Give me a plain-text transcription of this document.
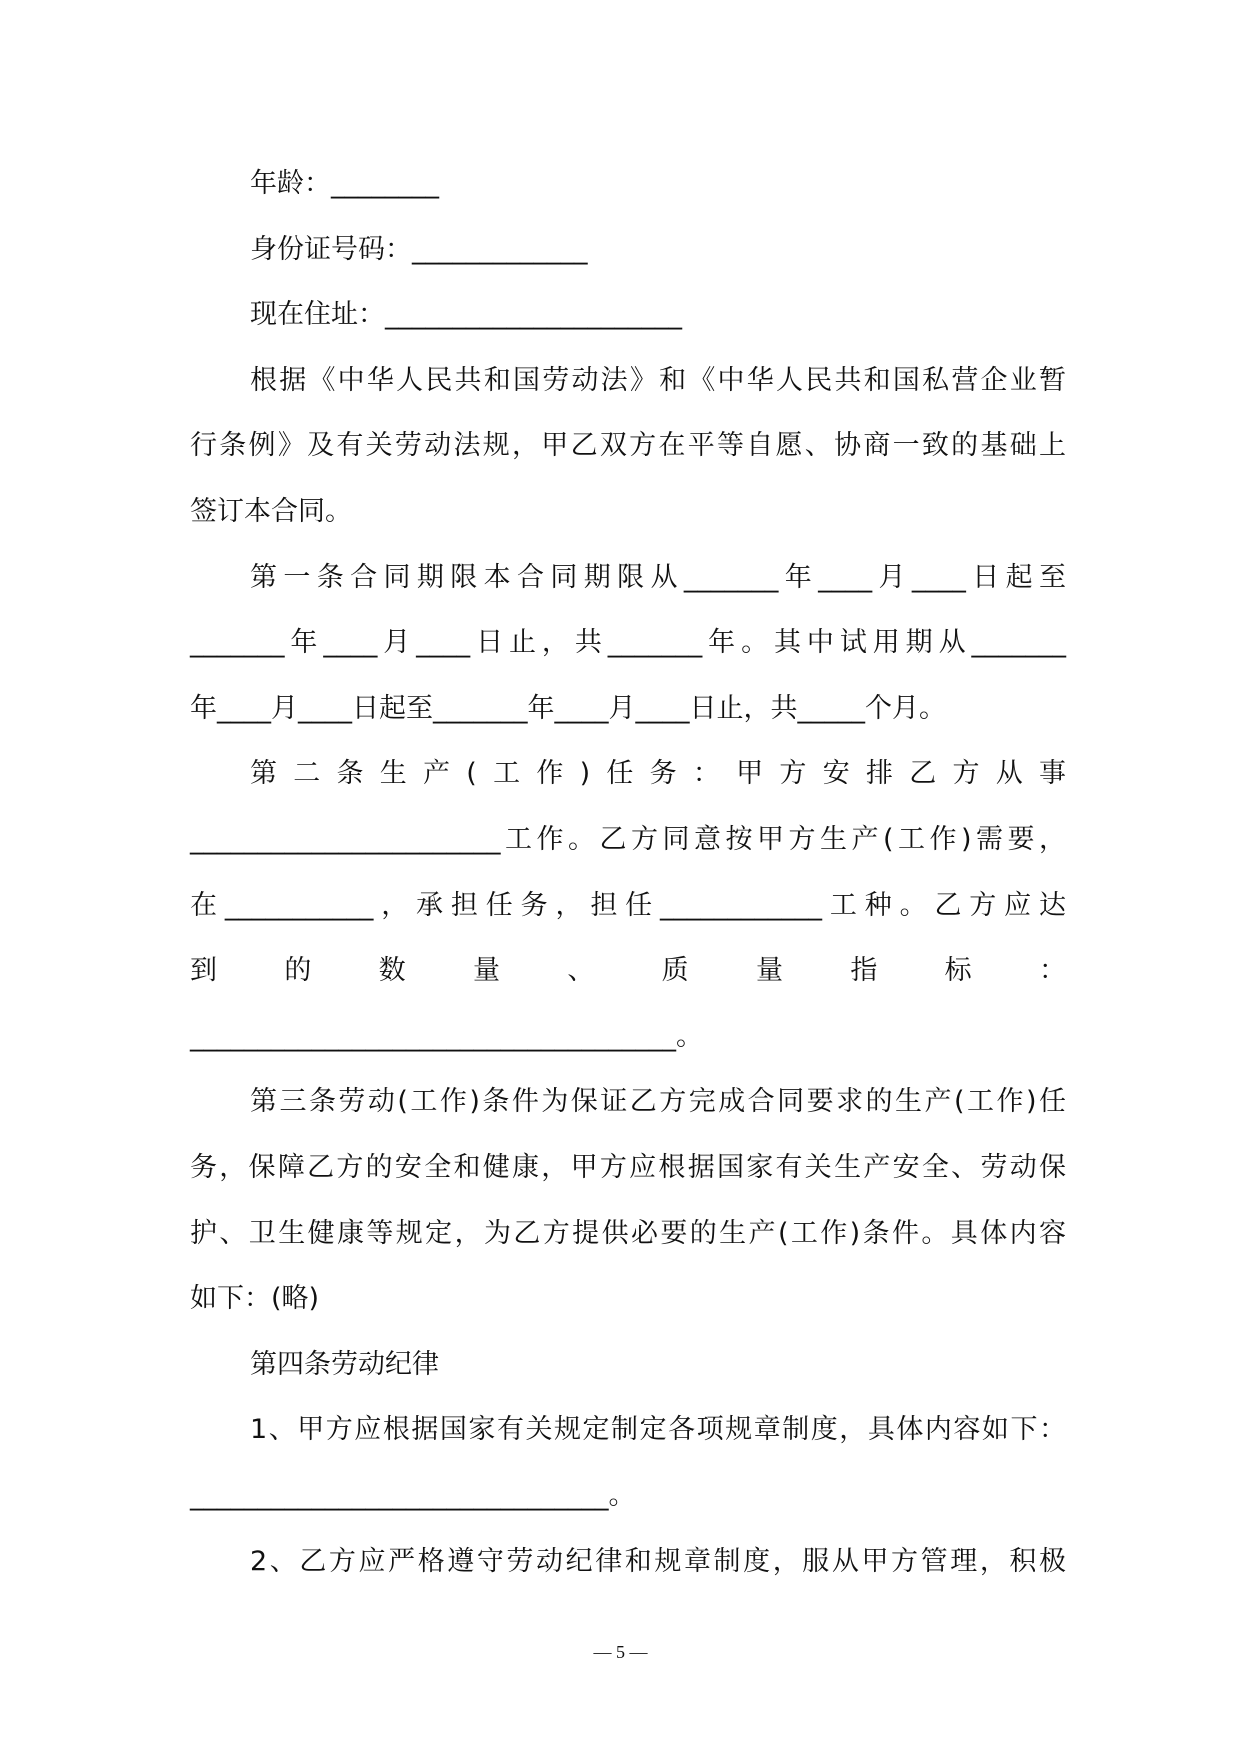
年龄：________
身份证号码：_____________
现在住址：______________________
根据《中华人民共和国劳动法》和《中华人民共和国私营企业暂
行条例》及有关劳动法规，甲乙双方在平等自愿、协商一致的基础上
签订本合同。
第一条合同期限本合同期限从_______年____月____日起至
_______年____月____日止，共_______年。其中试用期从_______
年____月____日起至_______年____月____日止，共_____个月。
第二条生产(工作)任务：甲方安排乙方从事
_______________________工作。乙方同意按甲方生产(工作)需要，
在___________，承担任务，担任____________工种。乙方应达
到的数量、质量指标：
____________________________________。
第三条劳动(工作)条件为保证乙方完成合同要求的生产(工作)任
务，保障乙方的安全和健康，甲方应根据国家有关生产安全、劳动保
护、卫生健康等规定，为乙方提供必要的生产(工作)条件。具体内容
如下：(略)
第四条劳动纪律
1、甲方应根据国家有关规定制定各项规章制度，具体内容如下：
_______________________________。
2、乙方应严格遵守劳动纪律和规章制度，服从甲方管理，积极
— 5 —
